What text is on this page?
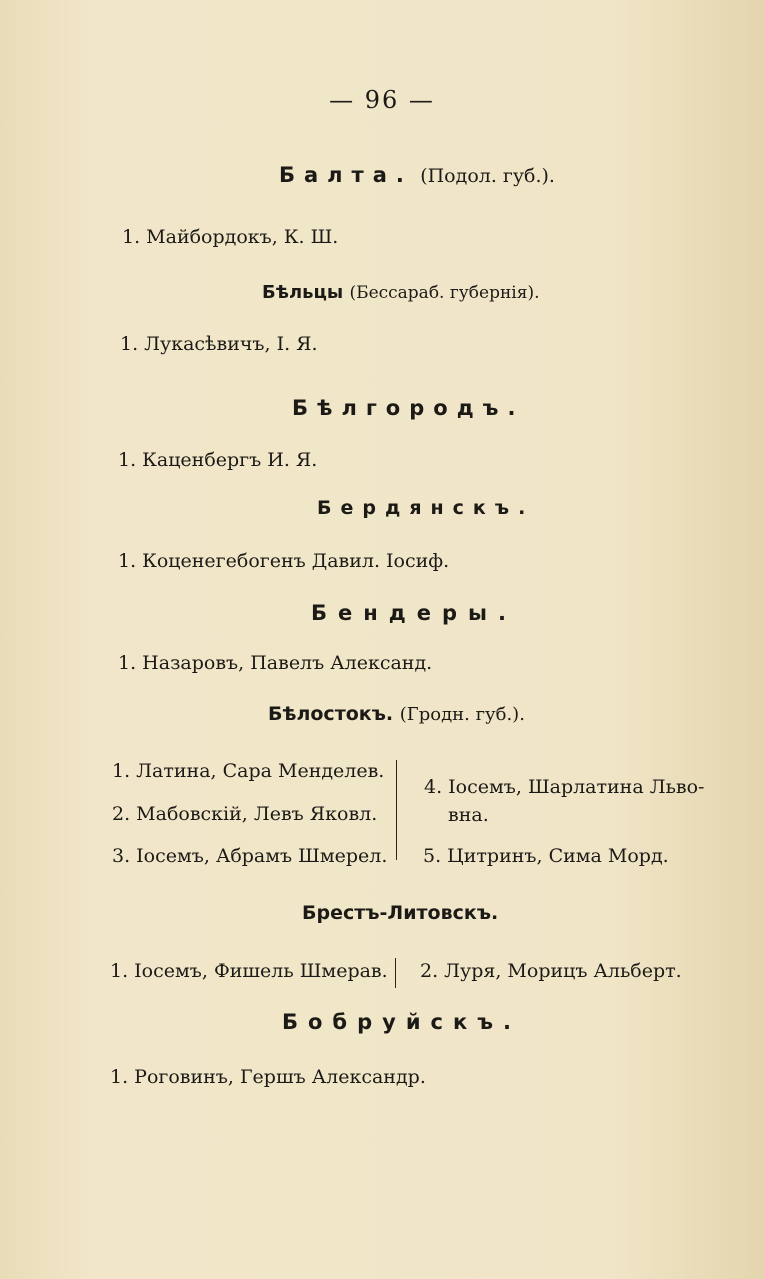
— 96 —
Балта. (Подол. губ.).
1. Майбордокъ, К. Ш.
Бѣльцы (Бессараб. губернія).
1. Лукасѣвичъ, І. Я.
Бѣлгородъ.
1. Каценбергъ И. Я.
Бердянскъ.
1. Коценегебогенъ Давил. Іосиф.
Бендеры.
1. Назаровъ, Павелъ Александ.
Бѣлостокъ. (Гродн. губ.).
1. Латина, Сара Менделев.
2. Мабовскій, Левъ Яковл.
3. Іосемъ, Абрамъ Шмерел.
4. Іосемъ, Шарлатина Льво-
вна.
5. Цитринъ, Сима Морд.
Брестъ-Литовскъ.
1. Іосемъ, Фишель Шмерав. 2. Луря, Морицъ Альберт.
Бобруйскъ.
1. Роговинъ, Гершъ Александр.
